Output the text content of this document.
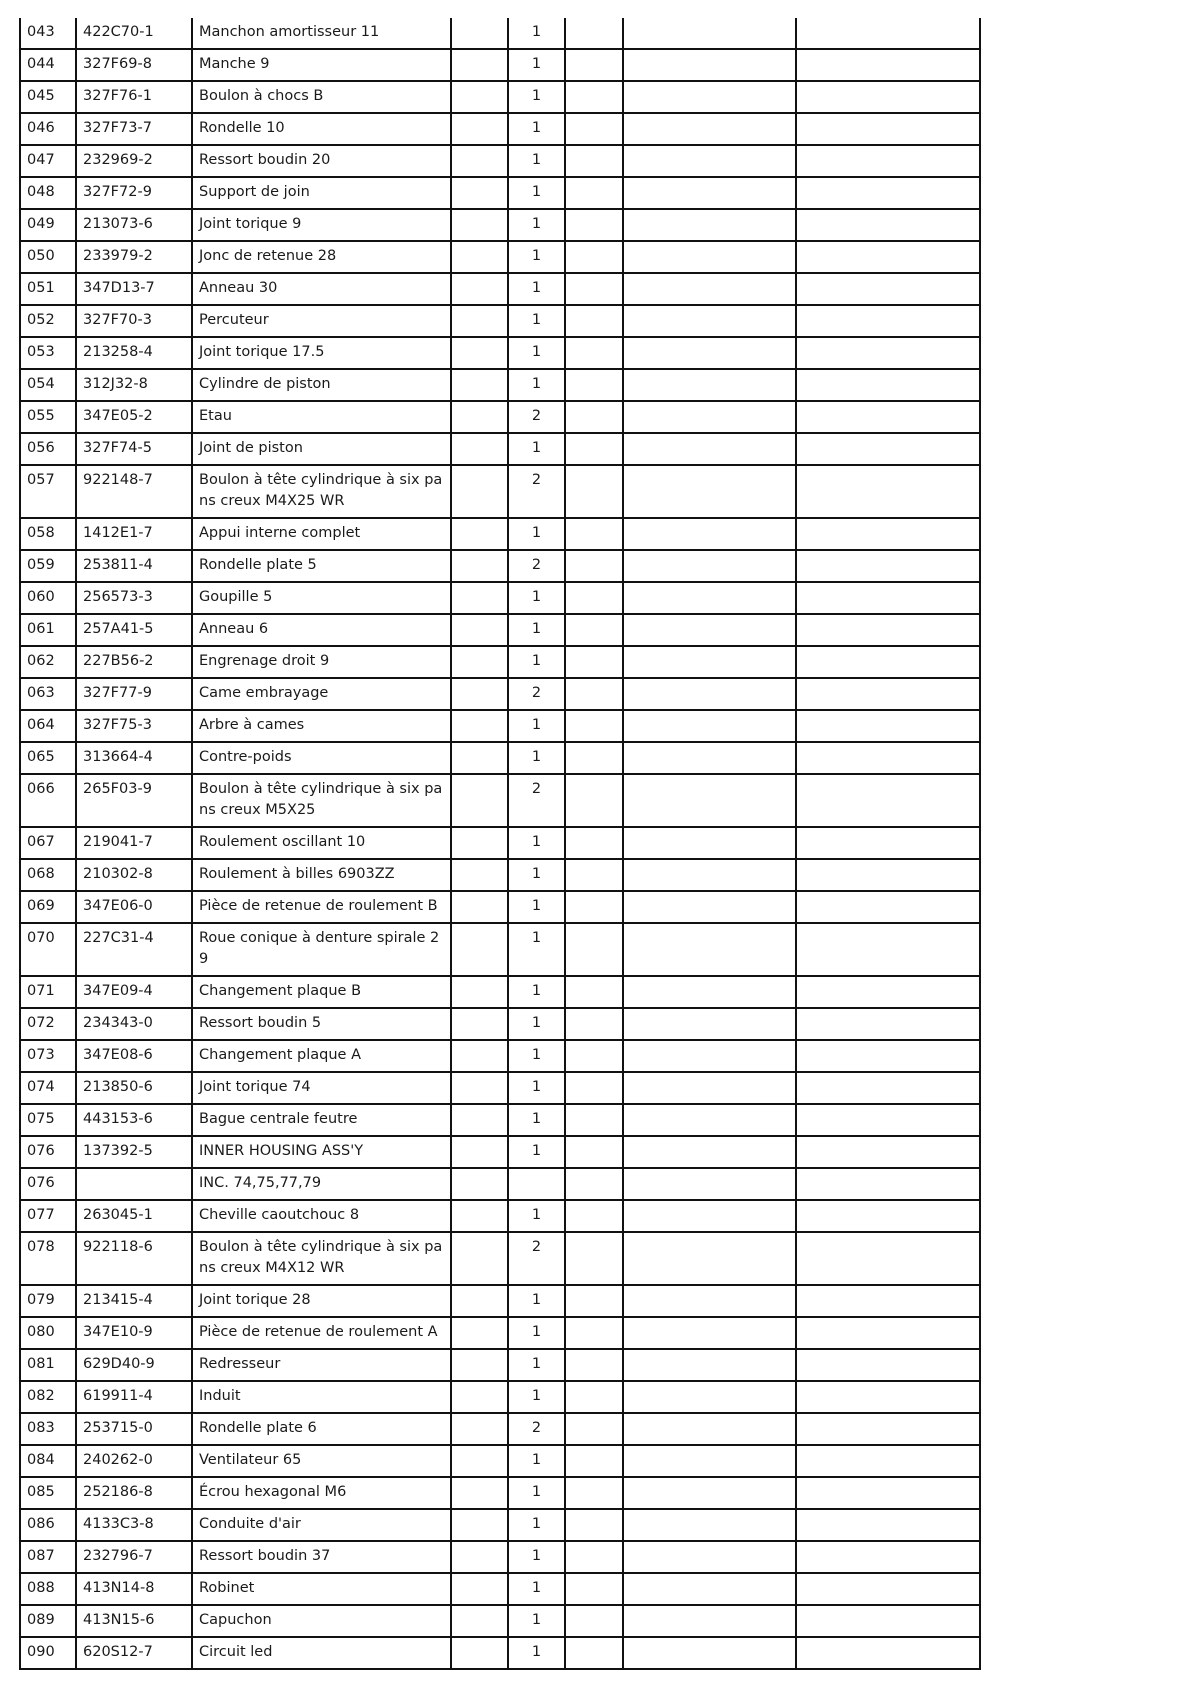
043	422C70-1	Manchon amortisseur 11		1			
044	327F69-8	Manche 9		1			
045	327F76-1	Boulon à chocs B		1			
046	327F73-7	Rondelle 10		1			
047	232969-2	Ressort boudin 20		1			
048	327F72-9	Support de join		1			
049	213073-6	Joint torique 9		1			
050	233979-2	Jonc de retenue 28		1			
051	347D13-7	Anneau 30		1			
052	327F70-3	Percuteur		1			
053	213258-4	Joint torique 17.5		1			
054	312J32-8	Cylindre de piston		1			
055	347E05-2	Etau		2			
056	327F74-5	Joint de piston		1			
057	922148-7	Boulon à tête cylindrique à six pans creux M4X25 WR		2			
058	1412E1-7	Appui interne complet		1			
059	253811-4	Rondelle plate 5		2			
060	256573-3	Goupille 5		1			
061	257A41-5	Anneau 6		1			
062	227B56-2	Engrenage droit 9		1			
063	327F77-9	Came embrayage		2			
064	327F75-3	Arbre à cames		1			
065	313664-4	Contre-poids		1			
066	265F03-9	Boulon à tête cylindrique à six pans creux M5X25		2			
067	219041-7	Roulement oscillant 10		1			
068	210302-8	Roulement à billes 6903ZZ		1			
069	347E06-0	Pièce de retenue de roulement B		1			
070	227C31-4	Roue conique à denture spirale 29		1			
071	347E09-4	Changement plaque B		1			
072	234343-0	Ressort boudin 5		1			
073	347E08-6	Changement plaque A		1			
074	213850-6	Joint torique 74		1			
075	443153-6	Bague centrale feutre		1			
076	137392-5	INNER HOUSING ASS'Y		1			
076		INC. 74,75,77,79					
077	263045-1	Cheville caoutchouc 8		1			
078	922118-6	Boulon à tête cylindrique à six pans creux M4X12 WR		2			
079	213415-4	Joint torique 28		1			
080	347E10-9	Pièce de retenue de roulement A		1			
081	629D40-9	Redresseur		1			
082	619911-4	Induit		1			
083	253715-0	Rondelle plate 6		2			
084	240262-0	Ventilateur 65		1			
085	252186-8	Écrou hexagonal M6		1			
086	4133C3-8	Conduite d'air		1			
087	232796-7	Ressort boudin 37		1			
088	413N14-8	Robinet		1			
089	413N15-6	Capuchon		1			
090	620S12-7	Circuit led		1			
